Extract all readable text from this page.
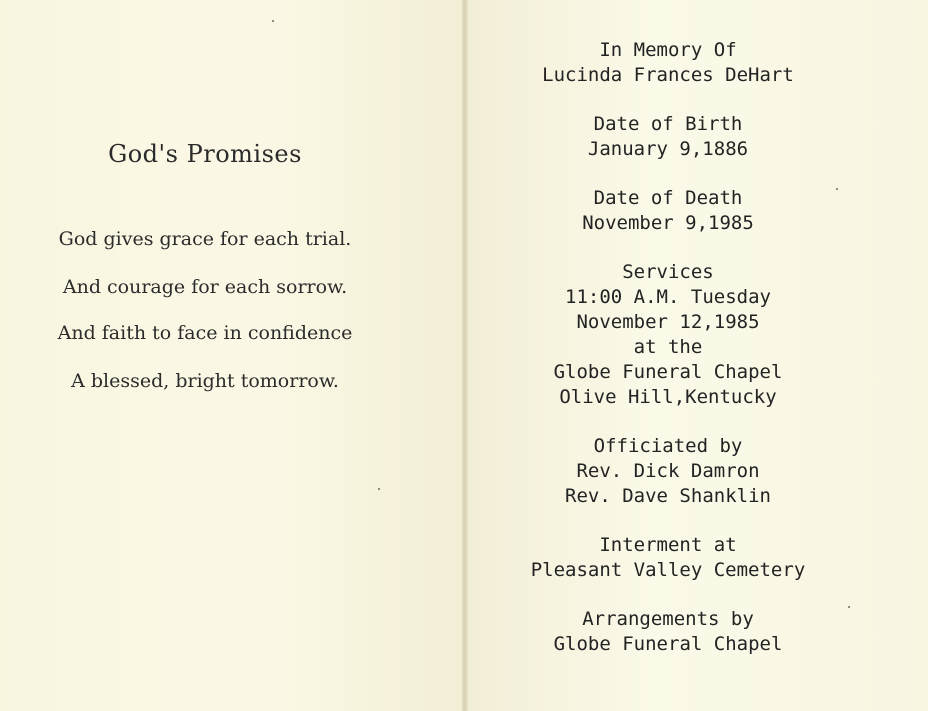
God's Promises

God gives grace for each trial.

And courage for each sorrow.

And faith to face in confidence

A blessed, bright tomorrow.

In Memory Of

Lucinda Frances DeHart

Date of Birth

January 9,1886

Date of Death

November 9,1985

Services

11:00 A.M. Tuesday

November 12,1985

at the

Globe Funeral Chapel

Olive Hill,Kentucky

Officiated by

Rev. Dick Damron

Rev. Dave Shanklin

Interment at

Pleasant Valley Cemetery

Arrangements by

Globe Funeral Chapel
